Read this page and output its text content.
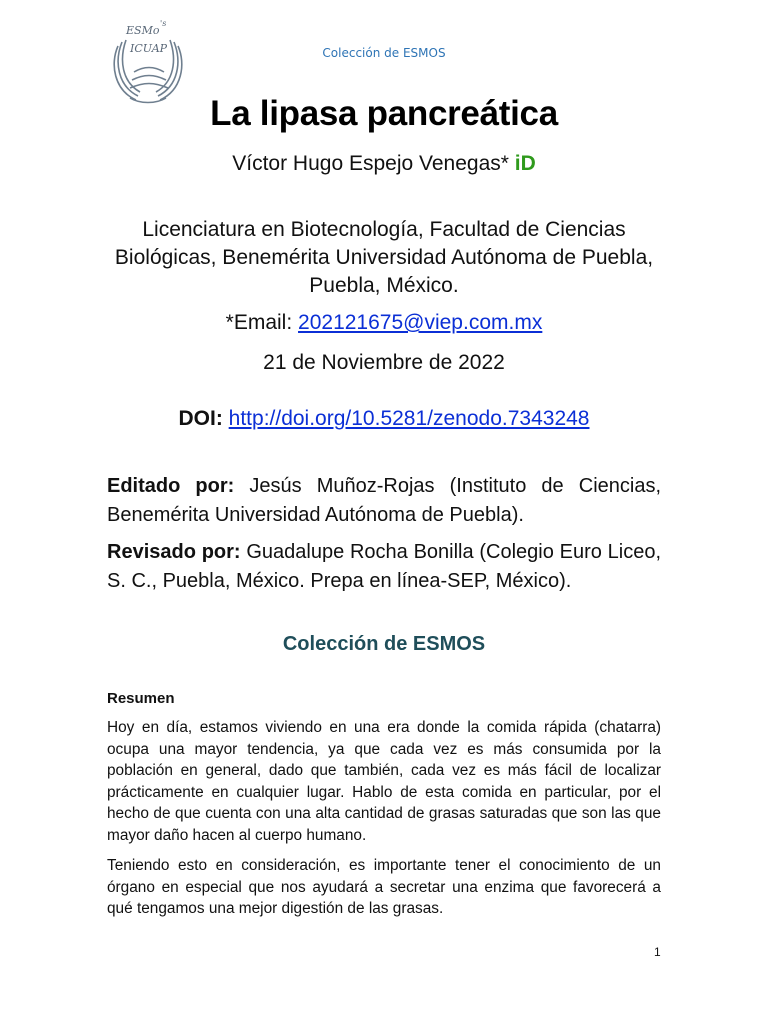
ESMo
's
ICUAP	Colección de ESMOS
La lipasa pancreática
Víctor Hugo Espejo Venegas* iD
Licenciatura en Biotecnología, Facultad de Ciencias Biológicas, Benemérita Universidad Autónoma de Puebla, Puebla, México.
*Email: 202121675@viep.com.mx
21 de Noviembre de 2022
DOI: http://doi.org/10.5281/zenodo.7343248

Editado por: Jesús Muñoz-Rojas (Instituto de Ciencias, Benemérita Universidad Autónoma de Puebla).

Revisado por: Guadalupe Rocha Bonilla (Colegio Euro Liceo, S. C., Puebla, México. Prepa en línea-SEP, México).

Colección de ESMOS
Resumen

Hoy en día, estamos viviendo en una era donde la comida rápida (chatarra) ocupa una mayor tendencia, ya que cada vez es más consumida por la población en general, dado que también, cada vez es más fácil de localizar prácticamente en cualquier lugar. Hablo de esta comida en particular, por el hecho de que cuenta con una alta cantidad de grasas saturadas que son las que mayor daño hacen al cuerpo humano.

Teniendo esto en consideración, es importante tener el conocimiento de un órgano en especial que nos ayudará a secretar una enzima que favorecerá a qué tengamos una mejor digestión de las grasas.

1
